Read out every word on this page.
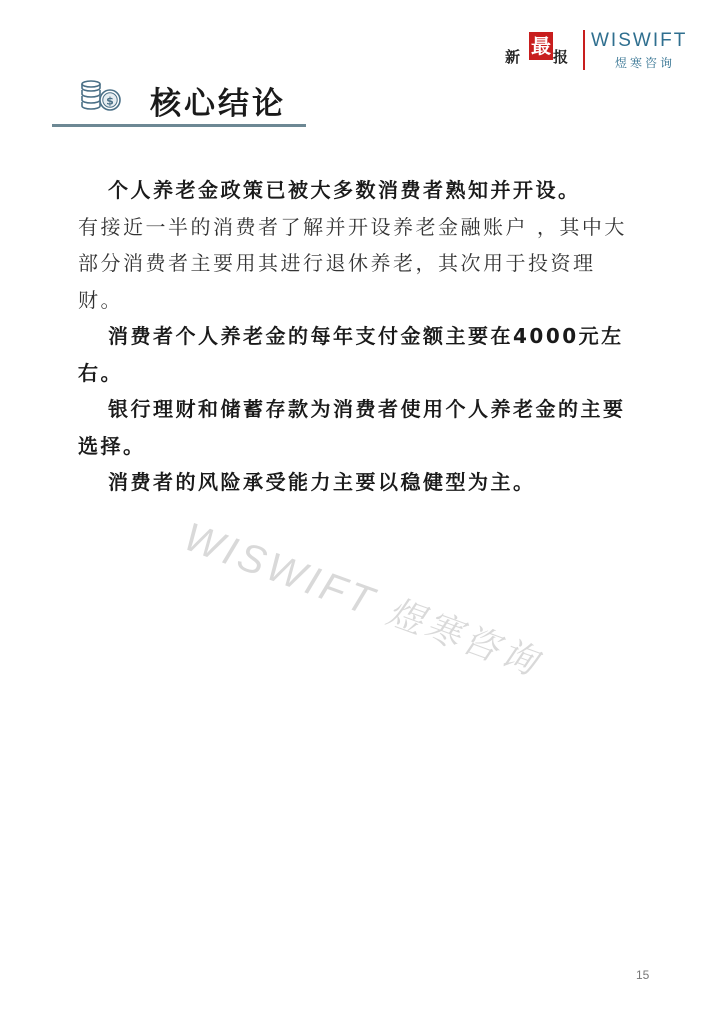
新 最 报
WISWIFT
煜寒咨询
$ 核心结论

个人养老金政策已被大多数消费者熟知并开设。

有接近一半的消费者了解并开设养老金融账户 ，其中大部分消费者主要用其进行退休养老，其次用于投资理财。

消费者个人养老金的每年支付金额主要在4000元左右。

银行理财和储蓄存款为消费者使用个人养老金的主要选择。

消费者的风险承受能力主要以稳健型为主。

WISWIFT 煜寒咨询
15
